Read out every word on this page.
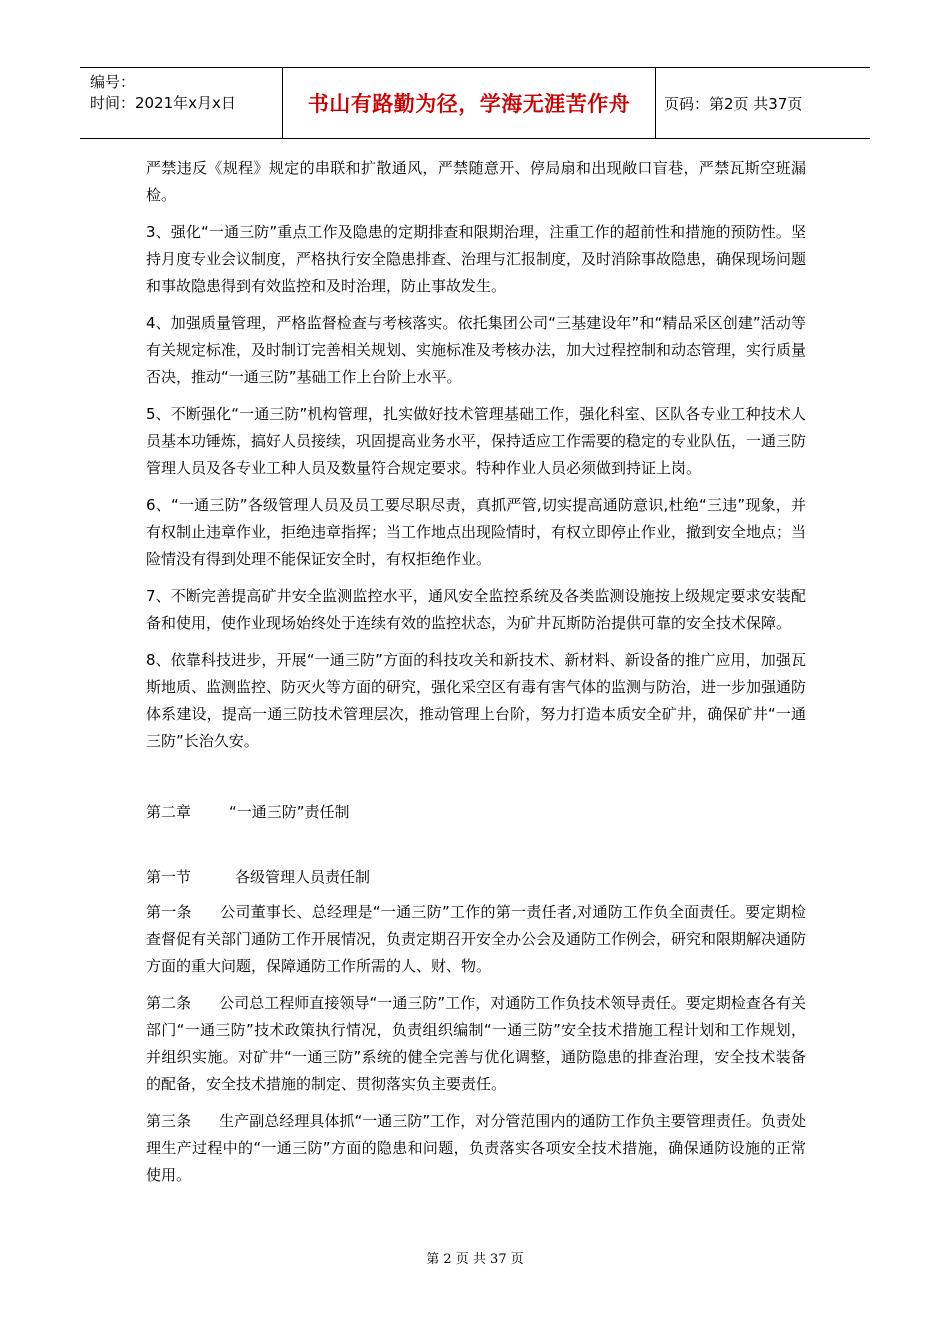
编号：
时间：2021年x月x日	书山有路勤为径，学海无涯苦作舟 页码：第2页 共37页

严禁违反《规程》规定的串联和扩散通风，严禁随意开、停局扇和出现敞口盲巷，严禁瓦斯空班漏检。

3、强化“一通三防”重点工作及隐患的定期排查和限期治理，注重工作的超前性和措施的预防性。坚持月度专业会议制度，严格执行安全隐患排查、治理与汇报制度，及时消除事故隐患，确保现场问题和事故隐患得到有效监控和及时治理，防止事故发生。

4、加强质量管理，严格监督检查与考核落实。依托集团公司“三基建设年”和“精品采区创建”活动等有关规定标准，及时制订完善相关规划、实施标准及考核办法，加大过程控制和动态管理，实行质量否决，推动“一通三防”基础工作上台阶上水平。

5、不断强化“一通三防”机构管理，扎实做好技术管理基础工作，强化科室、区队各专业工种技术人员基本功锤炼，搞好人员接续，巩固提高业务水平，保持适应工作需要的稳定的专业队伍，一通三防管理人员及各专业工种人员及数量符合规定要求。特种作业人员必须做到持证上岗。

6、“一通三防”各级管理人员及员工要尽职尽责，真抓严管,切实提高通防意识,杜绝“三违”现象，并有权制止违章作业，拒绝违章指挥；当工作地点出现险情时，有权立即停止作业，撤到安全地点；当险情没有得到处理不能保证安全时，有权拒绝作业。

7、不断完善提高矿井安全监测监控水平，通风安全监控系统及各类监测设施按上级规定要求安装配备和使用，使作业现场始终处于连续有效的监控状态，为矿井瓦斯防治提供可靠的安全技术保障。

8、依靠科技进步，开展“一通三防”方面的科技攻关和新技术、新材料、新设备的推广应用，加强瓦斯地质、监测监控、防灭火等方面的研究，强化采空区有毒有害气体的监测与防治，进一步加强通防体系建设，提高一通三防技术管理层次，推动管理上台阶，努力打造本质安全矿井，确保矿井“一通三防”长治久安。

第二章	“一通三防”责任制

第一节	各级管理人员责任制

第一条 公司董事长、总经理是“一通三防”工作的第一责任者,对通防工作负全面责任。要定期检查督促有关部门通防工作开展情况，负责定期召开安全办公会及通防工作例会，研究和限期解决通防方面的重大问题，保障通防工作所需的人、财、物。

第二条 公司总工程师直接领导“一通三防”工作，对通防工作负技术领导责任。要定期检查各有关部门“一通三防”技术政策执行情况，负责组织编制“一通三防”安全技术措施工程计划和工作规划，并组织实施。对矿井“一通三防”系统的健全完善与优化调整，通防隐患的排查治理，安全技术装备的配备，安全技术措施的制定、贯彻落实负主要责任。

第三条 生产副总经理具体抓“一通三防”工作，对分管范围内的通防工作负主要管理责任。负责处理生产过程中的“一通三防”方面的隐患和问题，负责落实各项安全技术措施，确保通防设施的正常使用。

第 2 页 共 37 页
